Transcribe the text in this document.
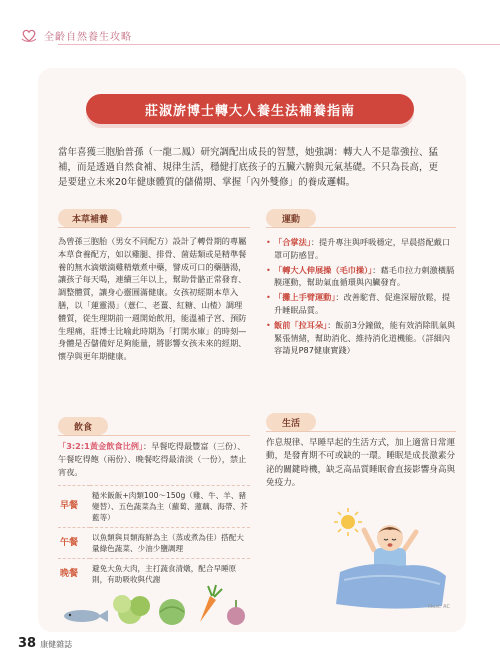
全齡自然養生攻略
莊淑旂博士轉大人養生法補養指南
當年喜獲三胞胎普孫（一龍二鳳）研究調配出成長的智慧，她強調：轉大人不是靠強拉、猛補，而是透過自然食補、規律生活，穩健打底孩子的五臟六腑與元氣基礎。不只為長高，更是要建立未來20年健康體質的儲備期、掌握「內外雙修」的養成邏輯。
本草補養
為曾孫三胞胎（男女不同配方）設計了轉骨期的專屬本草食養配方，如以雞腿、排骨、菌菇類或是精準餐養的無水滴燉滴雞精燉煮中藥，譬成可口的藥膳湯，讓孩子每天喝，連續三年以上，幫助骨骼正常發育、調整體質，讓身心靈圓滿健康。女孩初經期本草入膳，以「蓮靈湯」（薏仁、老薑、紅糖、山楂）調理體質，從生理期前一週開始飲用，能溫補子宮、預防生理痛，莊博士比喻此時期為「打開水庫」的時刻—身體是否儲備好足夠能量，將影響女孩未來的經期、懷孕與更年期健康。
運動
• 「合掌法」：提升專注與呼吸穩定，早晨搭配戴口罩可防感冒。
• 「轉大人伸展操（毛巾操）」：藉毛巾拉力刺激橫膈膜運動，幫助氣血循環與內臟發育。
• 「攤上手臂運動」：改善駝背、促進深層放鬆，提升睡眠品質。
• 飯前「拉耳朵」：飯前3分鐘做，能有效消除肌氣與緊張情緒，幫助消化、維持消化道機能。（詳細內容請見P87健康實踐）
飲食
「3:2:1黃金飲食比例」：早餐吃得最豐富（三份）、午餐吃得飽（兩份）、晚餐吃得最清淡（一份），禁止宵夜。
早餐	糙米飯飯+肉類100～150g（雞、牛、羊、豬變替）、五色蔬菜為主（蘿蔔、蓮藕、海帶、芥藍等）
午餐	以魚類與貝類海鮮為主（蒸或煮為佳）搭配大量綠色蔬菜、少油少鹽調理
晚餐	避免大魚大肉，主打蔬食清燉，配合早睡原則，有助吸收與代謝
生活
作息規律、早睡早起的生活方式，加上適當日常運動，是發育期不可或缺的一環。睡眠是成長激素分泌的關鍵時機，缺乏高品質睡眠會直接影響身高與免疫力。
illust: AC
38 康健雜誌
